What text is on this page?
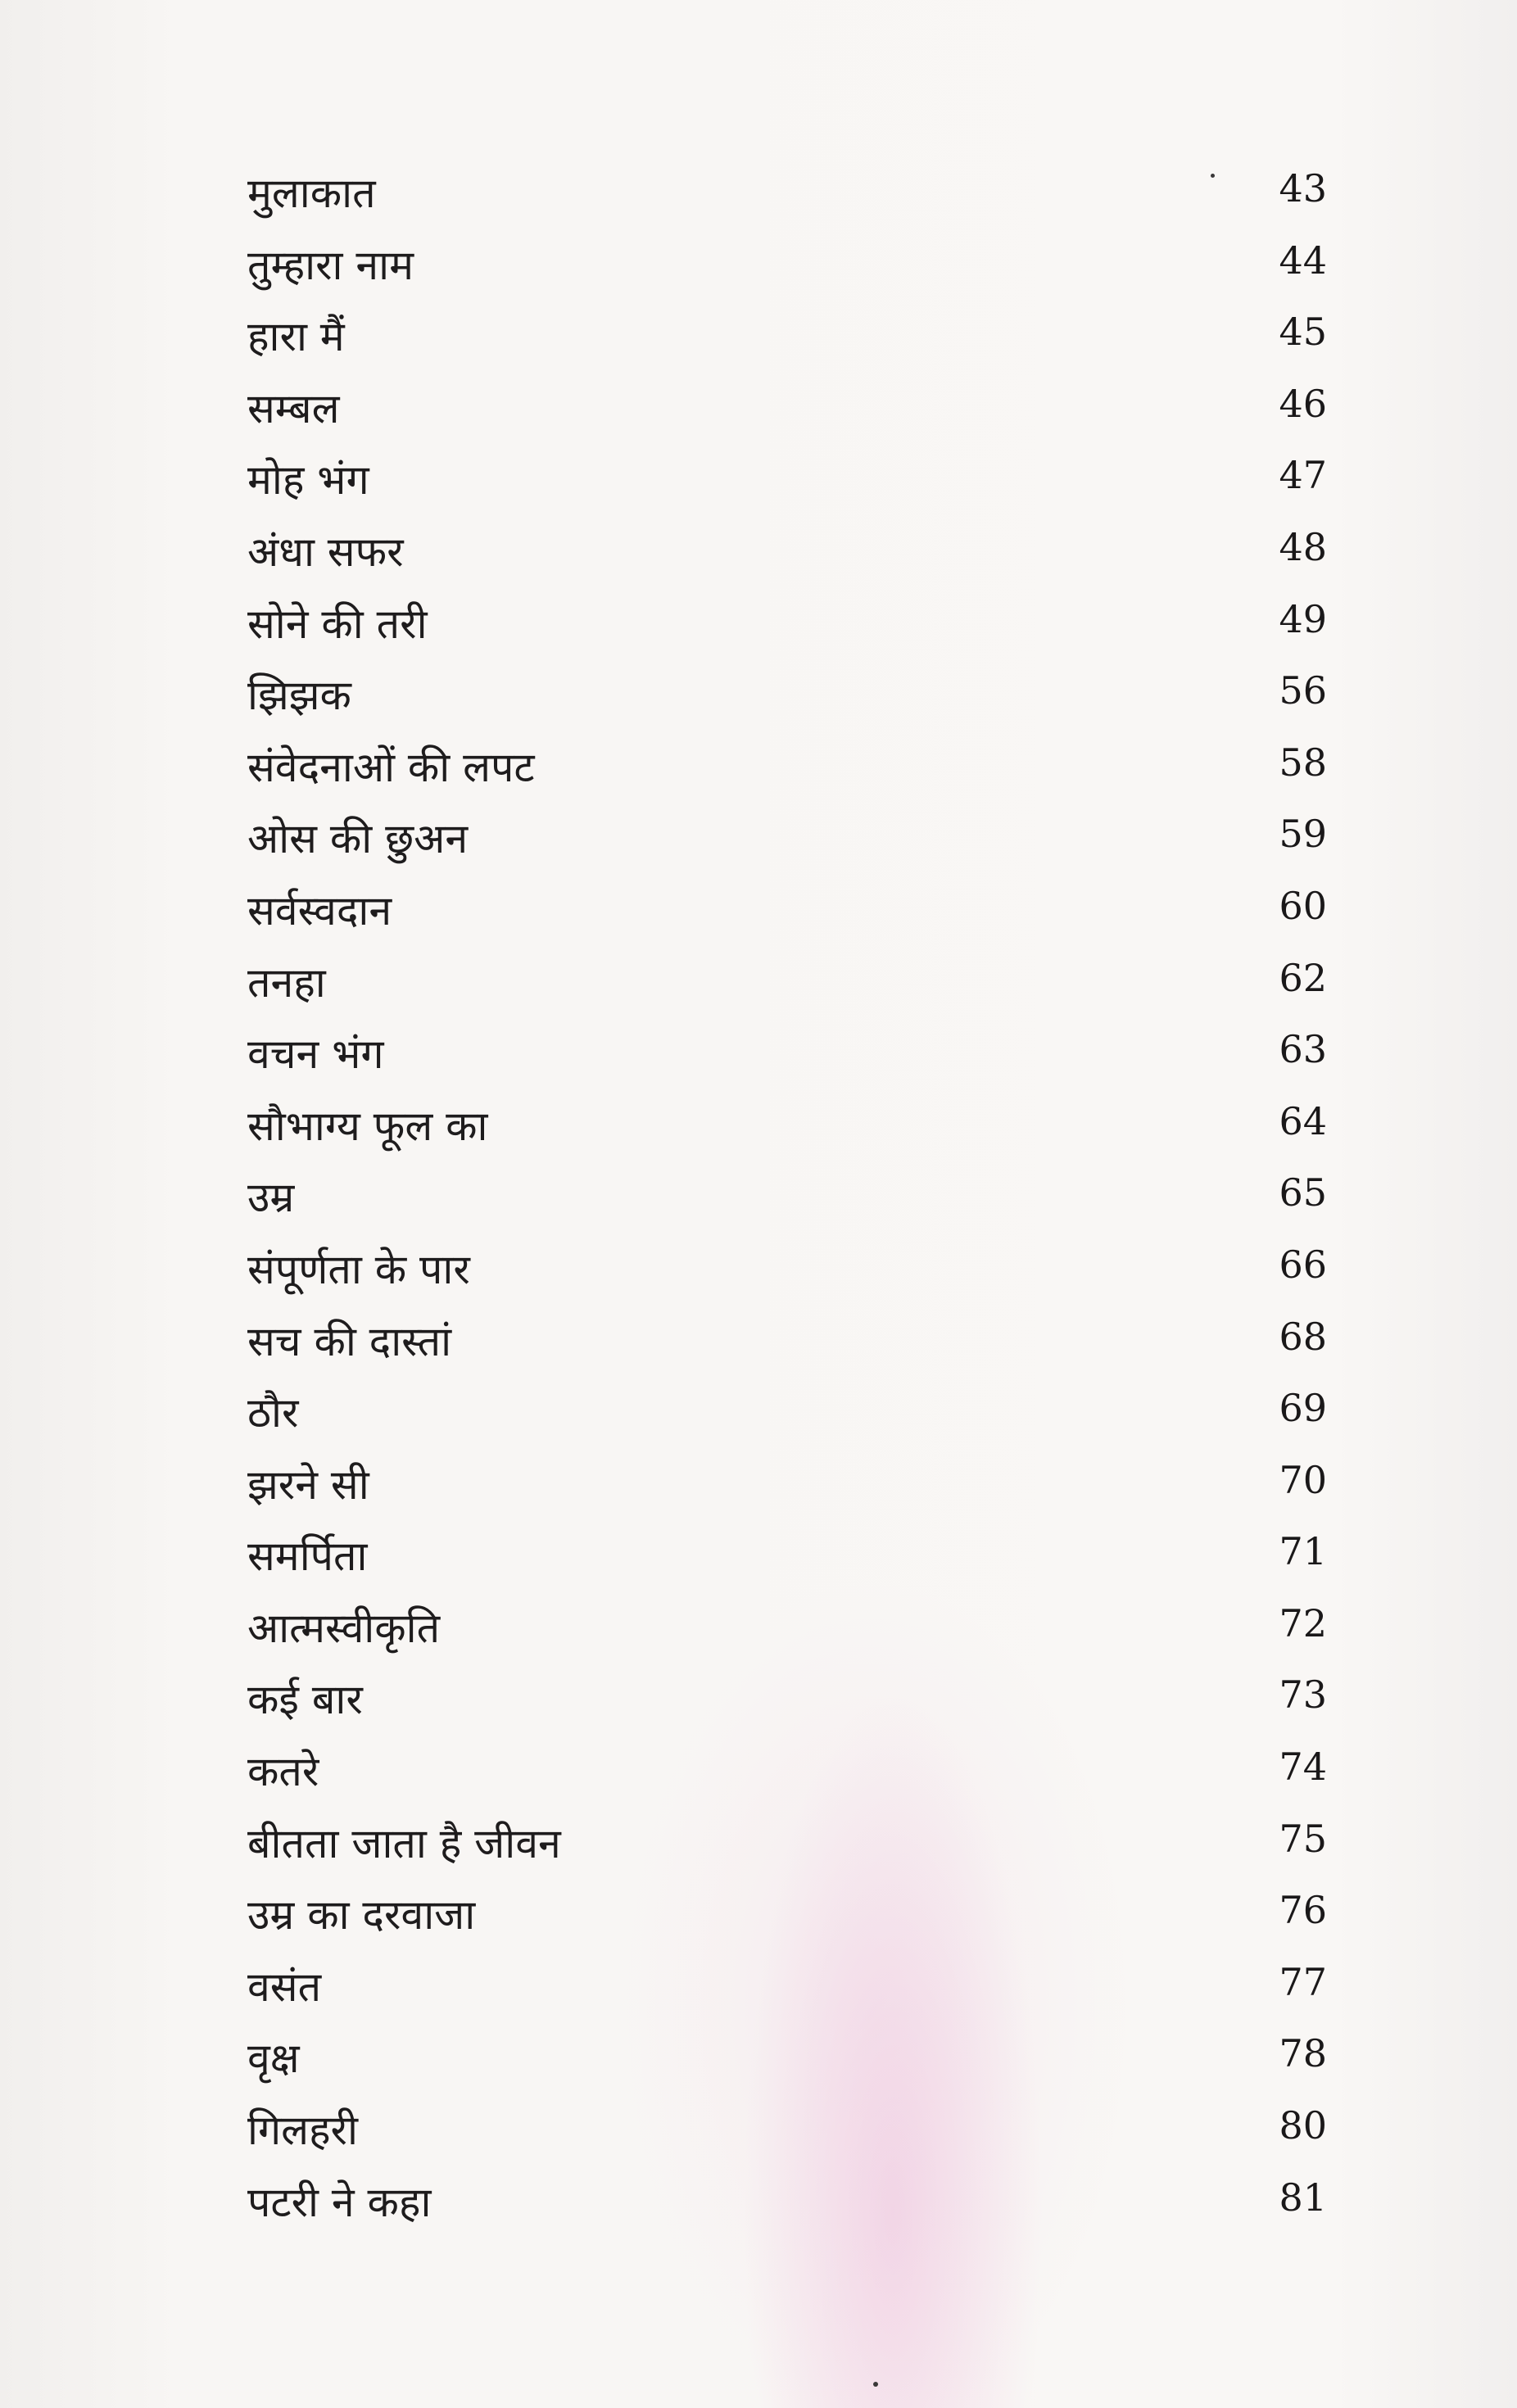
मुलाकात	43
तुम्हारा नाम	44
हारा मैं	45
सम्बल	46
मोह भंग	47
अंधा सफर	48
सोने की तरी	49
झिझक	56
संवेदनाओं की लपट	58
ओस की छुअन	59
सर्वस्वदान	60
तनहा	62
वचन भंग	63
सौभाग्य फूल का	64
उम्र	65
संपूर्णता के पार	66
सच की दास्तां	68
ठौर	69
झरने सी	70
समर्पिता	71
आत्मस्वीकृति	72
कई बार	73
कतरे	74
बीतता जाता है जीवन	75
उम्र का दरवाजा	76
वसंत	77
वृक्ष	78
गिलहरी	80
पटरी ने कहा	81
